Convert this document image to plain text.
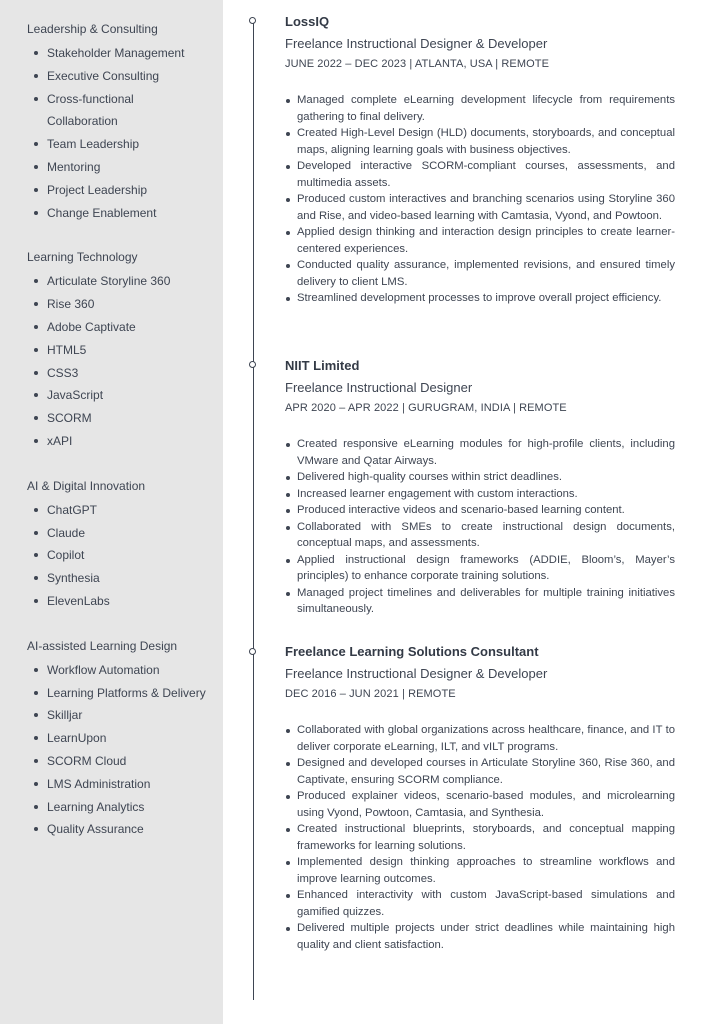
Leadership & Consulting
Stakeholder Management
Executive Consulting
Cross-functional Collaboration
Team Leadership
Mentoring
Project Leadership
Change Enablement
Learning Technology
Articulate Storyline 360
Rise 360
Adobe Captivate
HTML5
CSS3
JavaScript
SCORM
xAPI
AI & Digital Innovation
ChatGPT
Claude
Copilot
Synthesia
ElevenLabs
AI-assisted Learning Design
Workflow Automation
Learning Platforms & Delivery
Skilljar
LearnUpon
SCORM Cloud
LMS Administration
Learning Analytics
Quality Assurance
LossIQ
Freelance Instructional Designer & Developer
JUNE 2022 – DEC 2023 | ATLANTA, USA | REMOTE
Managed complete eLearning development lifecycle from requirements gathering to final delivery.
Created High-Level Design (HLD) documents, storyboards, and conceptual maps, aligning learning goals with business objectives.
Developed interactive SCORM-compliant courses, assessments, and multimedia assets.
Produced custom interactives and branching scenarios using Storyline 360 and Rise, and video-based learning with Camtasia, Vyond, and Powtoon.
Applied design thinking and interaction design principles to create learner-centered experiences.
Conducted quality assurance, implemented revisions, and ensured timely delivery to client LMS.
Streamlined development processes to improve overall project efficiency.
NIIT Limited
Freelance Instructional Designer
APR 2020 – APR 2022 | GURUGRAM, INDIA | REMOTE
Created responsive eLearning modules for high-profile clients, including VMware and Qatar Airways.
Delivered high-quality courses within strict deadlines.
Increased learner engagement with custom interactions.
Produced interactive videos and scenario-based learning content.
Collaborated with SMEs to create instructional design documents, conceptual maps, and assessments.
Applied instructional design frameworks (ADDIE, Bloom’s, Mayer’s principles) to enhance corporate training solutions.
Managed project timelines and deliverables for multiple training initiatives simultaneously.
Freelance Learning Solutions Consultant
Freelance Instructional Designer & Developer
DEC 2016 – JUN 2021 | REMOTE
Collaborated with global organizations across healthcare, finance, and IT to deliver corporate eLearning, ILT, and vILT programs.
Designed and developed courses in Articulate Storyline 360, Rise 360, and Captivate, ensuring SCORM compliance.
Produced explainer videos, scenario-based modules, and microlearning using Vyond, Powtoon, Camtasia, and Synthesia.
Created instructional blueprints, storyboards, and conceptual mapping frameworks for learning solutions.
Implemented design thinking approaches to streamline workflows and improve learning outcomes.
Enhanced interactivity with custom JavaScript-based simulations and gamified quizzes.
Delivered multiple projects under strict deadlines while maintaining high quality and client satisfaction.
